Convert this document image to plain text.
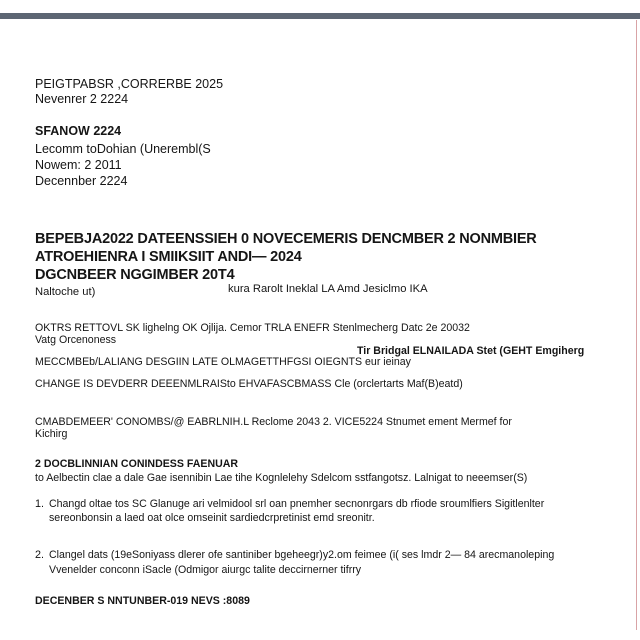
PEIGTPABSR ,CORRERBE 2025

Nevenrer 2 2224

SFANOW 2224

Lecomm toDohian (Unerembl(S

Nowem: 2 2011

Decennber 2224

BEPEBJA2022 DATEENSSIEH 0 NOVECEMERIS DENCMBER 2 NONMBIER

ATROEHIENRA I SMIIKSIIT ANDI— 2024

DGCNBEER NGGIMBER 20T4

Naltoche ut)	kura Rarolt Ineklal LA Amd Jesiclmo IKA

OKTRS RETTOVL SK lighelng OK Ojlija. Cemor TRLA ENEFR Stenlmecherg Datc 2e 20032

Vatg Orcenoness

Tir Bridgal ELNAILADA Stet (GEHT Emgiherg

MECCMBEb/LALIANG DESGIIN LATE OLMAGETTHFGSI OIEGNTS eur ieinay

CHANGE IS DEVDERR DEEENMLRAISto EHVAFASCBMASS Cle (orclertarts Maf(B)eatd)

CMABDEMEER' CONOMBS/@ EABRLNIH.L Reclome 2043 2. VICE5224 Stnumet ement Mermef for

Kichirg

2 DOCBLINNIAN CONINDESS FAENUAR

to Aelbectin clae a dale Gae isennibin Lae tihe Kognlelehy Sdelcom sstfangotsz. Lalnigat to neeemser(S)

1. Changd oltae tos SC Glanuge ari velmidool srl oan pnemher secnonrgars db rfiode sroumlfiers Sigitlenlter

sereonbonsin a laed oat olce omseinit sardiedcrpretinist emd sreonitr.

2. Clangel dats (19eSoniyass dlerer ofe santiniber bgeheegr)y2.om feimee (i( ses lmdr 2— 84 arecmanoleping

Vvenelder conconn iSacle (Odmigor aiurgc talite deccirnerner tifrry

DECENBER S NNTUNBER-019 NEVS :8089
